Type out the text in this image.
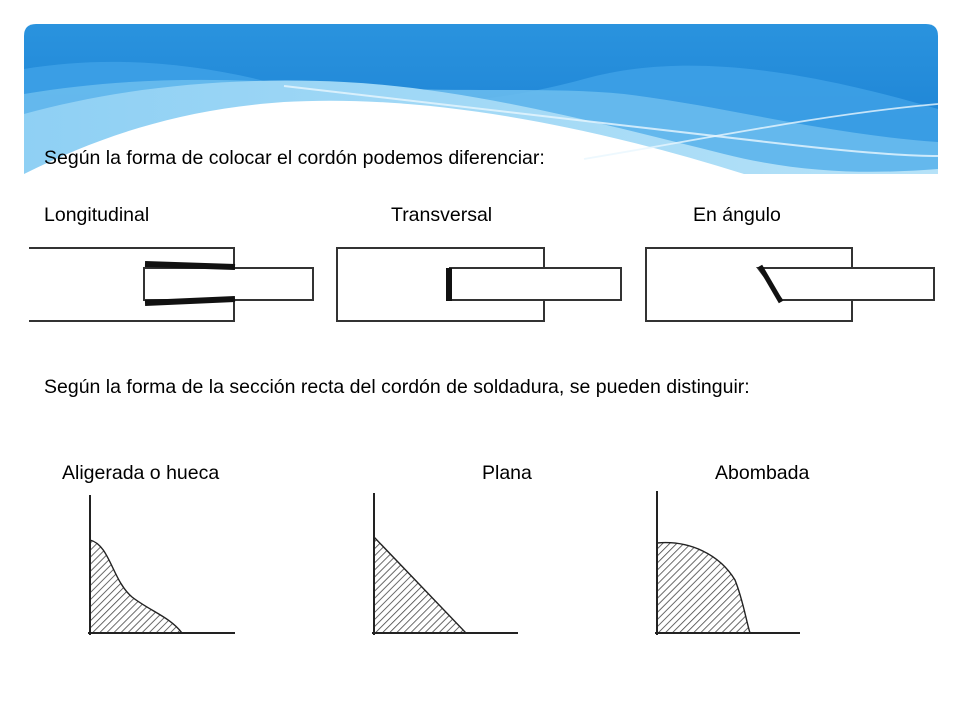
Según la forma de colocar el cordón podemos diferenciar:
Longitudinal	Transversal	En ángulo
Según la forma de la sección recta del cordón de soldadura, se pueden distinguir:
Aligerada o hueca	Plana	Abombada
